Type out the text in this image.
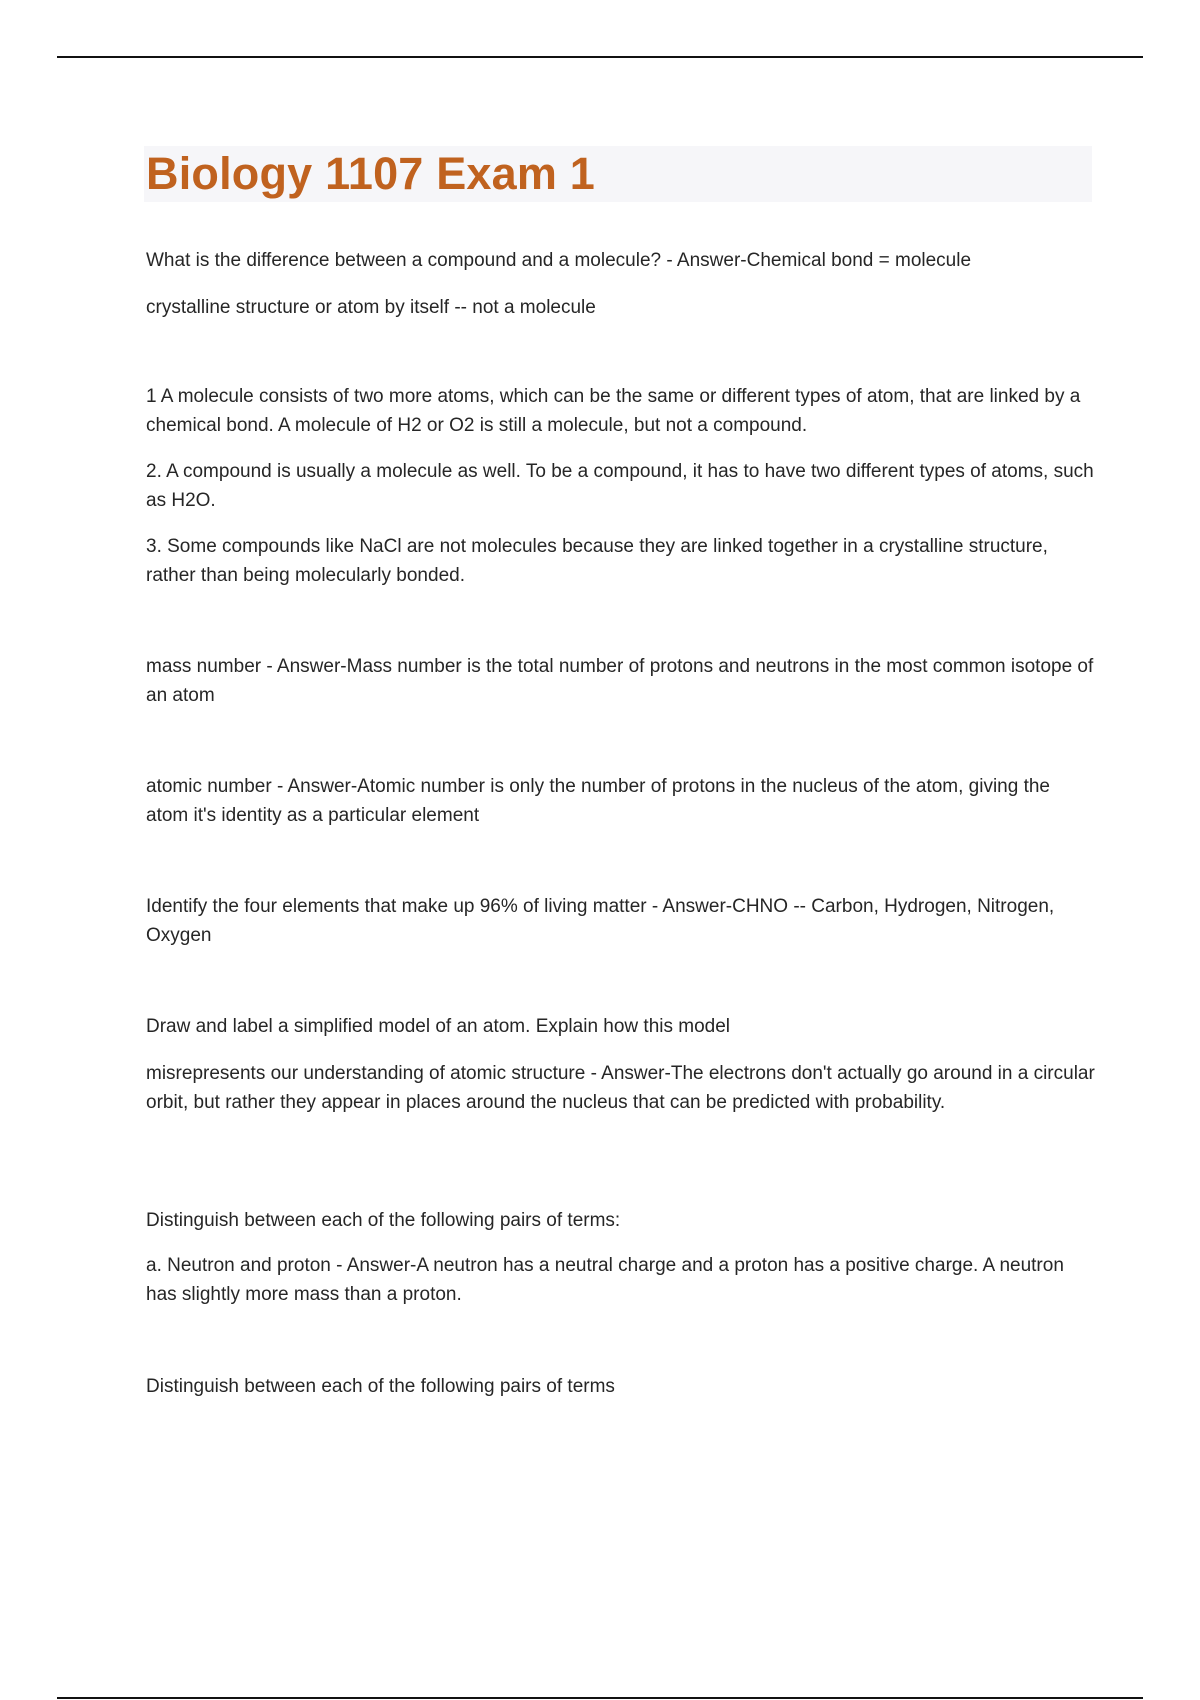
Biology 1107 Exam 1

What is the difference between a compound and a molecule? - Answer-Chemical bond = molecule

crystalline structure or atom by itself -- not a molecule

1 A molecule consists of two more atoms, which can be the same or different types of atom, that are linked by a chemical bond. A molecule of H2 or O2 is still a molecule, but not a compound.

2. A compound is usually a molecule as well. To be a compound, it has to have two different types of atoms, such as H2O.

3. Some compounds like NaCl are not molecules because they are linked together in a crystalline structure, rather than being molecularly bonded.

mass number - Answer-Mass number is the total number of protons and neutrons in the most common isotope of an atom

atomic number - Answer-Atomic number is only the number of protons in the nucleus of the atom, giving the atom it's identity as a particular element

Identify the four elements that make up 96% of living matter - Answer-CHNO -- Carbon, Hydrogen, Nitrogen, Oxygen

Draw and label a simplified model of an atom. Explain how this model

misrepresents our understanding of atomic structure - Answer-The electrons don't actually go around in a circular orbit, but rather they appear in places around the nucleus that can be predicted with probability.

Distinguish between each of the following pairs of terms:

a. Neutron and proton - Answer-A neutron has a neutral charge and a proton has a positive charge. A neutron has slightly more mass than a proton.

Distinguish between each of the following pairs of terms
